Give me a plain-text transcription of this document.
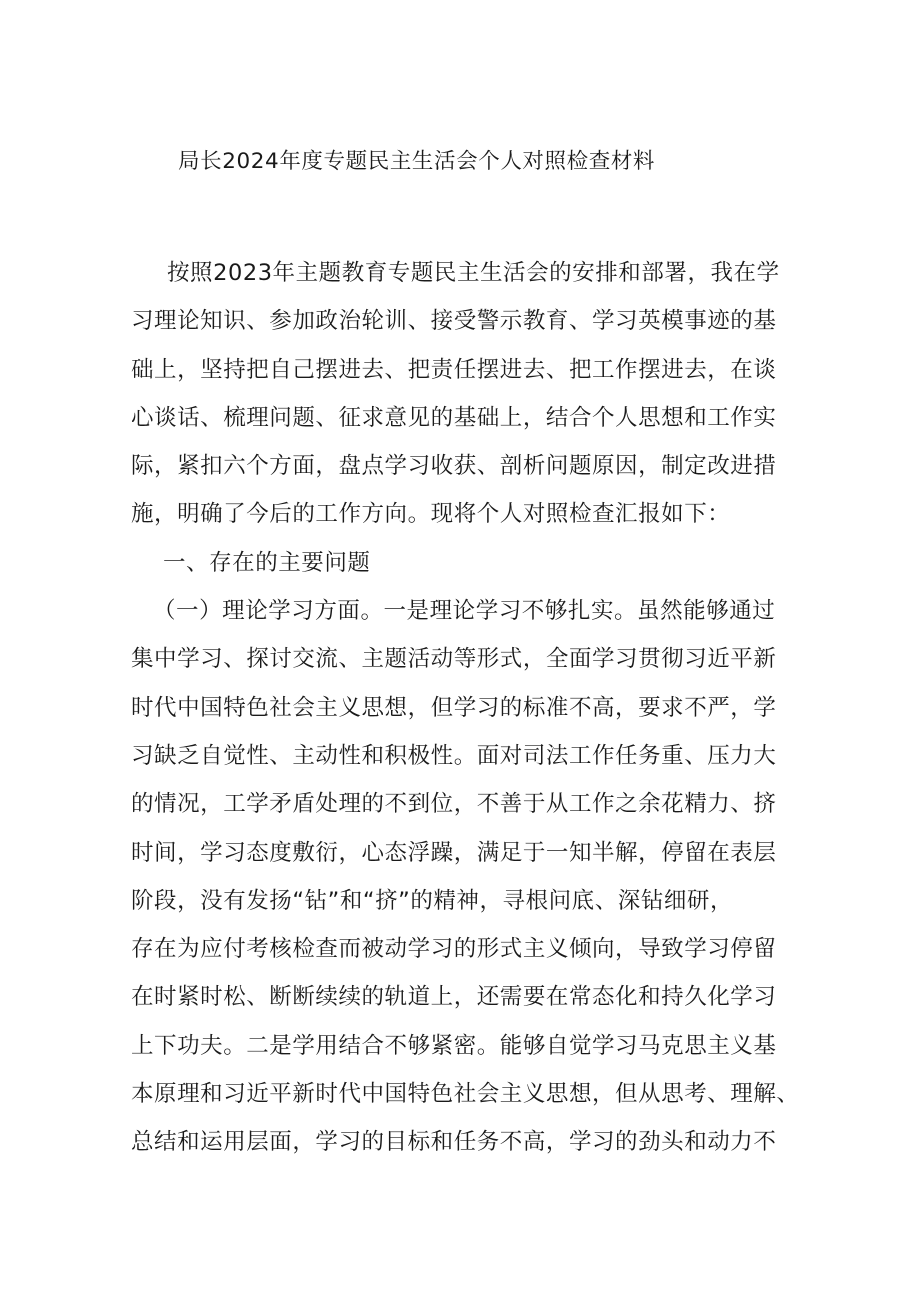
局长2024年度专题民主生活会个人对照检查材料
按照2023年主题教育专题民主生活会的安排和部署，我在学
习理论知识、参加政治轮训、接受警示教育、学习英模事迹的基
础上，坚持把自己摆进去、把责任摆进去、把工作摆进去，在谈
心谈话、梳理问题、征求意见的基础上，结合个人思想和工作实
际，紧扣六个方面，盘点学习收获、剖析问题原因，制定改进措
施，明确了今后的工作方向。现将个人对照检查汇报如下：
一、存在的主要问题
（一）理论学习方面。一是理论学习不够扎实。虽然能够通过
集中学习、探讨交流、主题活动等形式，全面学习贯彻习近平新
时代中国特色社会主义思想，但学习的标准不高，要求不严，学
习缺乏自觉性、主动性和积极性。面对司法工作任务重、压力大
的情况，工学矛盾处理的不到位，不善于从工作之余花精力、挤
时间，学习态度敷衍，心态浮躁，满足于一知半解，停留在表层
阶段，没有发扬“钻”和“挤”的精神，寻根问底、深钻细研，
存在为应付考核检查而被动学习的形式主义倾向，导致学习停留
在时紧时松、断断续续的轨道上，还需要在常态化和持久化学习
上下功夫。二是学用结合不够紧密。能够自觉学习马克思主义基
本原理和习近平新时代中国特色社会主义思想，但从思考、理解、
总结和运用层面，学习的目标和任务不高，学习的劲头和动力不
